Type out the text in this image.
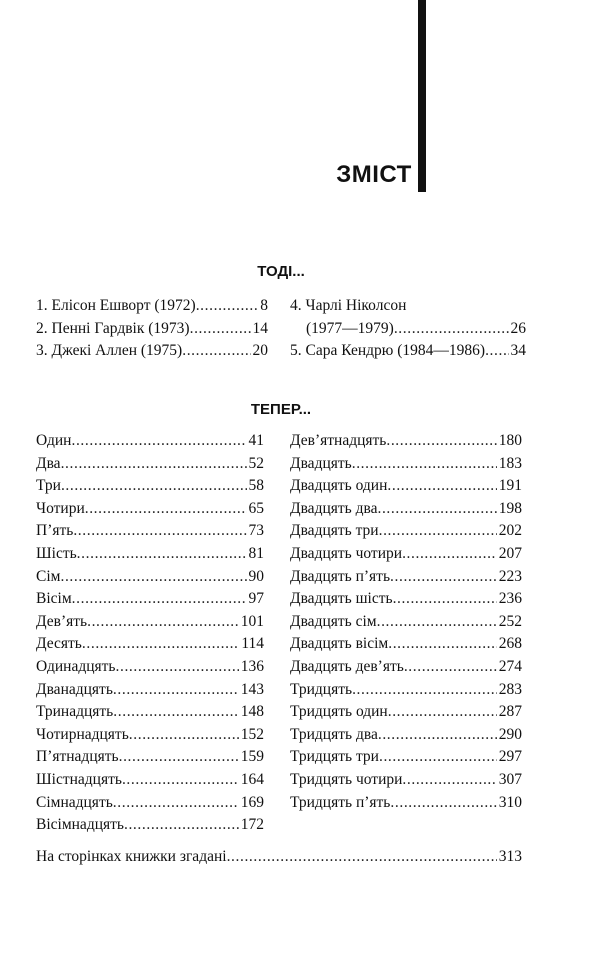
ЗМІСТ
ТОДІ...
1. Елісон Ешворт (1972) .....	8
2. Пенні Гардвік (1973) .....	14
3. Джекі Аллен (1975) .....	20
4. Чарлі Ніколсон
(1977—1979) .....	26
5. Сара Кендрю (1984—1986) ..... 34
ТЕПЕР...
Один .....	41
Два .....	52
Три .....	58
Чотири .....	65
П’ять .....	73
Шість .....	81
Сім .....	90
Вісім .....	97
Дев’ять .....	101
Десять .....	114
Одинадцять .....	136
Дванадцять .....	143
Тринадцять .....	148
Чотирнадцять .....	152
П’ятнадцять .....	159
Шістнадцять .....	164
Сімнадцять .....	169
Вісімнадцять .....	172
Дев’ятнадцять .....	180
Двадцять .....	183
Двадцять один .....	191
Двадцять два .....	198
Двадцять три .....	202
Двадцять чотири .....	207
Двадцять п’ять .....	223
Двадцять шість .....	236
Двадцять сім .....	252
Двадцять вісім .....	268
Двадцять дев’ять .....	274
Тридцять .....	283
Тридцять один .....	287
Тридцять два .....	290
Тридцять три .....	297
Тридцять чотири .....	307
Тридцять п’ять .....	310
На сторінках книжки згадані .....	313
